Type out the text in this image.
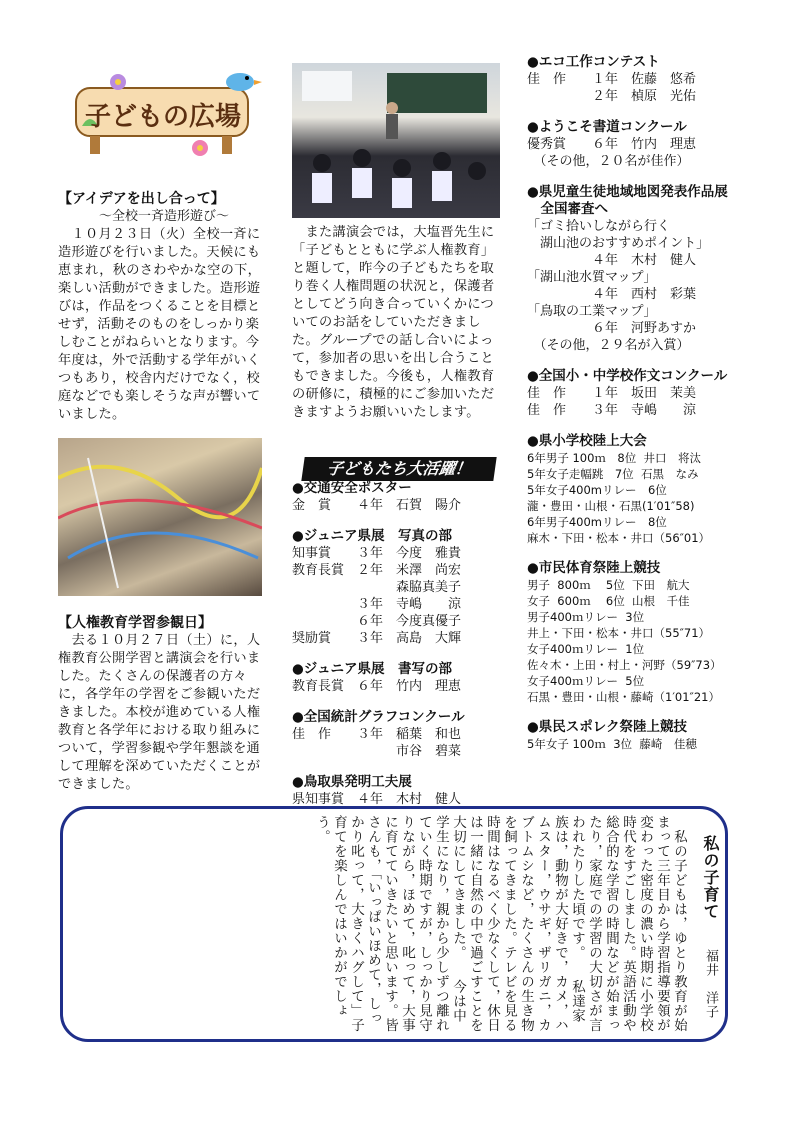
子どもの広場
【アイデアを出し合って】
～全校一斉造形遊び～

　１０月２３日（火）全校一斉に造形遊びを行いました。天候にも恵まれ，秋のさわやかな空の下，楽しい活動ができました。造形遊びは，作品をつくることを目標とせず，活動そのものをしっかり楽しむことがねらいとなります。今年度は，外で活動する学年がいくつもあり，校舎内だけでなく，校庭などでも楽しそうな声が響いていました。

【人権教育学習参観日】

　去る１０月２７日（土）に，人権教育公開学習と講演会を行いました。たくさんの保護者の方々に，各学年の学習をご参観いただきました。本校が進めている人権教育と各学年における取り組みについて，学習参観や学年懇談を通して理解を深めていただくことができました。

　また講演会では，大塩晋先生に「子どもとともに学ぶ人権教育」と題して，昨今の子どもたちを取り巻く人権問題の状況と，保護者としてどう向き合っていくかについてのお話をしていただきました。グループでの話し合いによって，参加者の思いを出し合うこともできました。今後も，人権教育の研修に，積極的にご参加いただきますようお願いいたします。

子どもたち大活躍！
●交通安全ポスター
金　賞　　４年　石賀　陽介
●ジュニア県展　写真の部
知事賞　　３年　今度　雅貴
教育長賞　２年　米澤　尚宏
　　　　　　　　森脇真美子
　　　　　３年　寺嶋　　涼
　　　　　６年　今度真優子
奨励賞　　３年　高島　大輝
●ジュニア県展　書写の部
教育長賞　６年　竹内　理恵
●全国統計グラフコンクール
佳　作　　３年　稲葉　和也
　　　　　　　　市谷　碧菜
●鳥取県発明工夫展
県知事賞　４年　木村　健人
●エコ工作コンテスト
佳　作　　１年　佐藤　悠希
　　　　　２年　楨原　光佑
●ようこそ書道コンクール
優秀賞　　６年　竹内　理恵
　（その他，２０名が佳作）
●県児童生徒地域地図発表作品展
　全国審査へ
「ゴミ拾いしながら行く
　湖山池のおすすめポイント」
　　　　　４年　木村　健人
「湖山池水質マップ」
　　　　　４年　西村　彩葉
「鳥取の工業マップ」
　　　　　６年　河野あすか
　（その他，２９名が入賞）
●全国小・中学校作文コンクール
佳　作　　１年　坂田　茉美
佳　作　　３年　寺嶋　　涼
●県小学校陸上大会
6年男子 100ｍ　8位  井口　将汰
5年女子走幅跳　7位  石黒　なみ
5年女子400mリレー　6位
瀧・豊田・山根・石黒(1′01″58)
6年男子400mリレー　8位
麻木・下田・松本・井口（56″01）
●市民体育祭陸上競技
男子  800ｍ　 5位  下田　航大
女子  600ｍ　 6位  山根　千佳
男子400ｍリレー  3位
井上・下田・松本・井口（55″71）
女子400ｍリレー  1位
佐々木・上田・村上・河野（59″73）
女子400ｍリレー  5位
石黒・豊田・山根・藤崎（1′01″21）
●県民スポレク祭陸上競技
5年女子 100ｍ  3位  藤崎　佳穂
私の子育て
福井　洋子
　私の子どもは，ゆとり教育が始まって三年目から学習指導要領が変わった密度の濃い時期に小学校時代をすごしました。英語活動や総合的な学習の時間などが始まったり，家庭での学習の大切さが言われたりした頃です。 　私達家族は，動物が大好きで，カメ，ハムスター，ウサギ，ザリガニ，カブトムシなど，たくさんの生き物を飼ってきました。テレビを見る時間はなるべく少なくして，休日は一緒に自然の中で過ごすことを大切にしてきました。 　今は中学生になり，親から少しずつ離れていく時期ですが，しっかり見守りながら，ほめて，叱って，大事に育てていきたいと思います。皆さんも，「いっぱいほめて，しっかり叱って，大きくハグして」子育てを楽しんではいかがでしょう。
